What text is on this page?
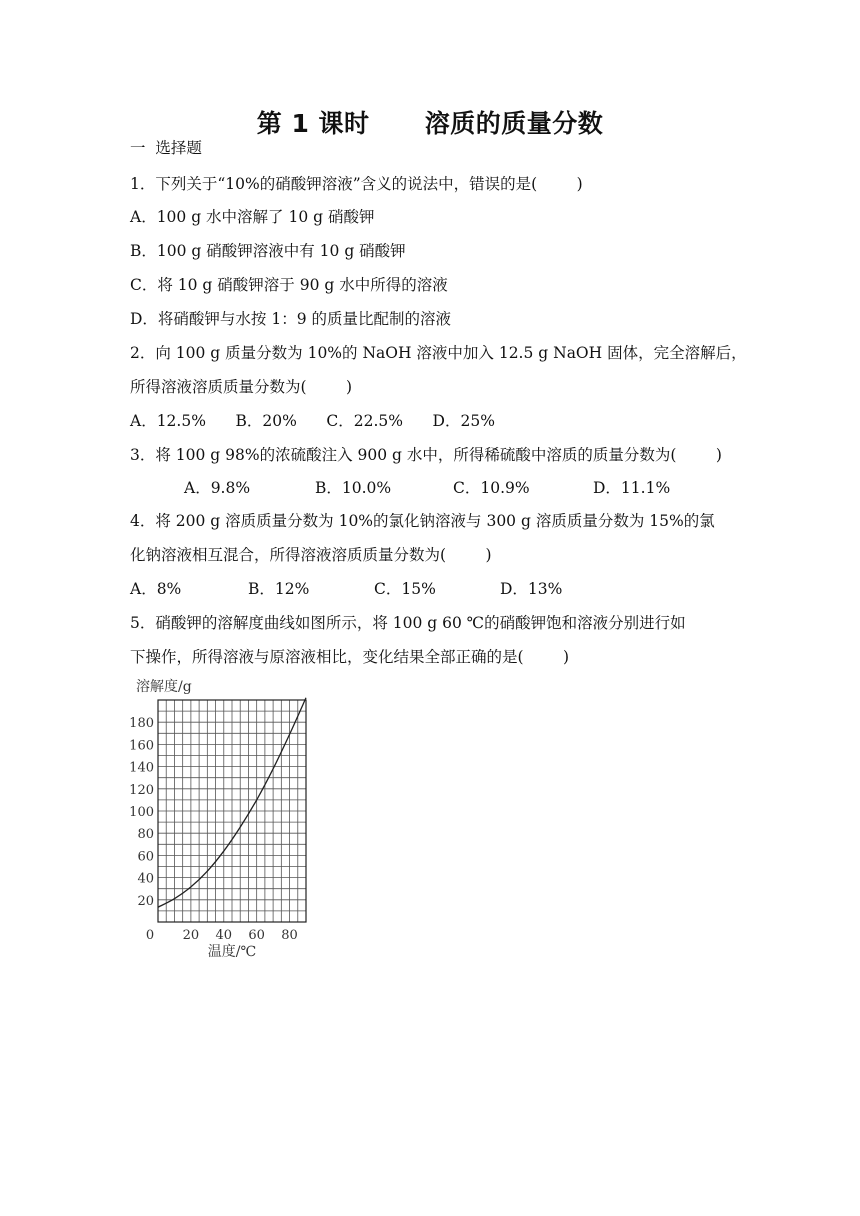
第 1 课时      溶质的质量分数
一  选择题
1．下列关于“10%的硝酸钾溶液”含义的说法中，错误的是(        )
A．100 g 水中溶解了 10 g 硝酸钾
B．100 g 硝酸钾溶液中有 10 g 硝酸钾
C．将 10 g 硝酸钾溶于 90 g 水中所得的溶液
D．将硝酸钾与水按 1：9 的质量比配制的溶液
2．向 100 g 质量分数为 10%的 NaOH 溶液中加入 12.5 g NaOH 固体，完全溶解后，
所得溶液溶质质量分数为(        )
A．12.5%      B．20%      C．22.5%      D．25%
3．将 100 g 98%的浓硫酸注入 900 g 水中，所得稀硫酸中溶质的质量分数为(        )
A．9.8%	B．10.0%	C．10.9%	D．11.1%
4．将 200 g 溶质质量分数为 10%的氯化钠溶液与 300 g 溶质质量分数为 15%的氯
化钠溶液相互混合，所得溶液溶质质量分数为(        )
A．8%	B．12%	C．15%	D．13%
5．硝酸钾的溶解度曲线如图所示，将 100 g 60 ℃的硝酸钾饱和溶液分别进行如
下操作，所得溶液与原溶液相比，变化结果全部正确的是(        )
0 20 40 60 80
20
40
60
80
100
120
140
160
180
溶解度/g
温度/℃
